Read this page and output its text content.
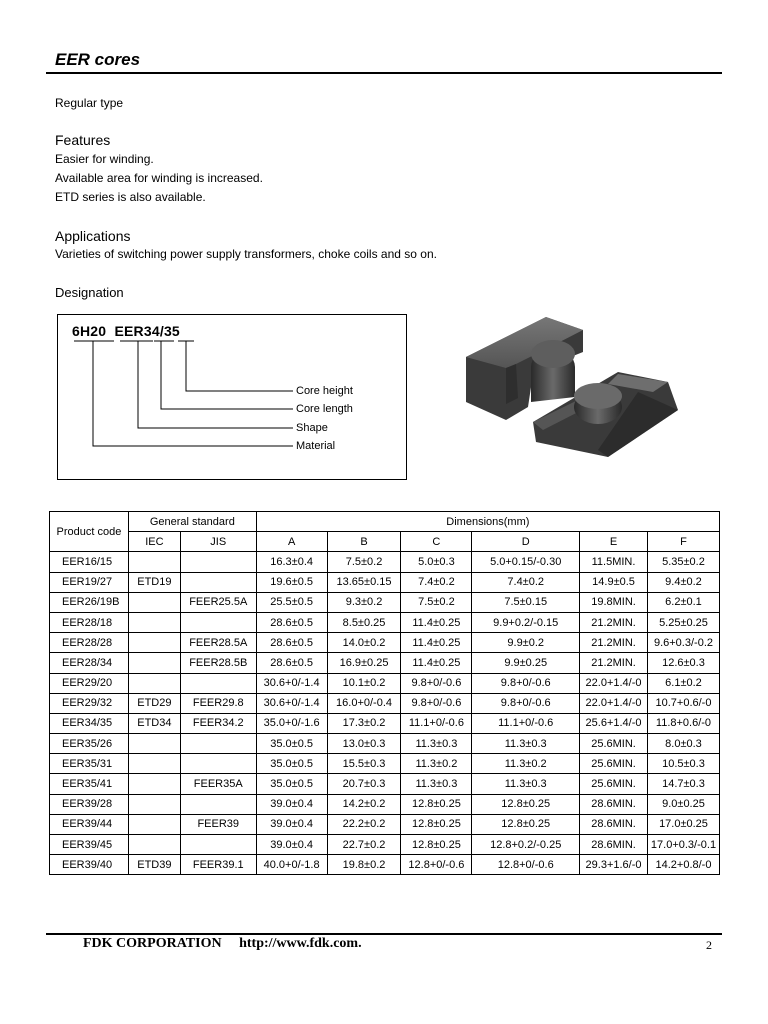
EER cores
Regular type
Features
Easier for winding.
Available area for winding is increased.
ETD series is also available.
Applications
Varieties of switching power supply transformers, choke coils and so on.
Designation
6H20 EER34/35
Core height
Core length
Shape
Material
Product code	General standard		Dimensions(mm)					
	IEC	JIS	A	B	C	D	E	F
EER16/15			16.3±0.4	7.5±0.2	5.0±0.3	5.0+0.15/-0.30	11.5MIN.	5.35±0.2
EER19/27	ETD19		19.6±0.5	13.65±0.15	7.4±0.2	7.4±0.2	14.9±0.5	9.4±0.2
EER26/19B		FEER25.5A	25.5±0.5	9.3±0.2	7.5±0.2	7.5±0.15	19.8MIN.	6.2±0.1
EER28/18			28.6±0.5	8.5±0.25	11.4±0.25	9.9+0.2/-0.15	21.2MIN.	5.25±0.25
EER28/28		FEER28.5A	28.6±0.5	14.0±0.2	11.4±0.25	9.9±0.2	21.2MIN.	9.6+0.3/-0.2
EER28/34		FEER28.5B	28.6±0.5	16.9±0.25	11.4±0.25	9.9±0.25	21.2MIN.	12.6±0.3
EER29/20			30.6+0/-1.4	10.1±0.2	9.8+0/-0.6	9.8+0/-0.6	22.0+1.4/-0	6.1±0.2
EER29/32	ETD29	FEER29.8	30.6+0/-1.4	16.0+0/-0.4	9.8+0/-0.6	9.8+0/-0.6	22.0+1.4/-0	10.7+0.6/-0
EER34/35	ETD34	FEER34.2	35.0+0/-1.6	17.3±0.2	11.1+0/-0.6	11.1+0/-0.6	25.6+1.4/-0	11.8+0.6/-0
EER35/26			35.0±0.5	13.0±0.3	11.3±0.3	11.3±0.3	25.6MIN.	8.0±0.3
EER35/31			35.0±0.5	15.5±0.3	11.3±0.2	11.3±0.2	25.6MIN.	10.5±0.3
EER35/41		FEER35A	35.0±0.5	20.7±0.3	11.3±0.3	11.3±0.3	25.6MIN.	14.7±0.3
EER39/28			39.0±0.4	14.2±0.2	12.8±0.25	12.8±0.25	28.6MIN.	9.0±0.25
EER39/44		FEER39	39.0±0.4	22.2±0.2	12.8±0.25	12.8±0.25	28.6MIN.	17.0±0.25
EER39/45			39.0±0.4	22.7±0.2	12.8±0.25	12.8+0.2/-0.25	28.6MIN.	17.0+0.3/-0.1
EER39/40	ETD39	FEER39.1	40.0+0/-1.8	19.8±0.2	12.8+0/-0.6	12.8+0/-0.6	29.3+1.6/-0	14.2+0.8/-0
FDK CORPORATION http://www.fdk.com.	2
